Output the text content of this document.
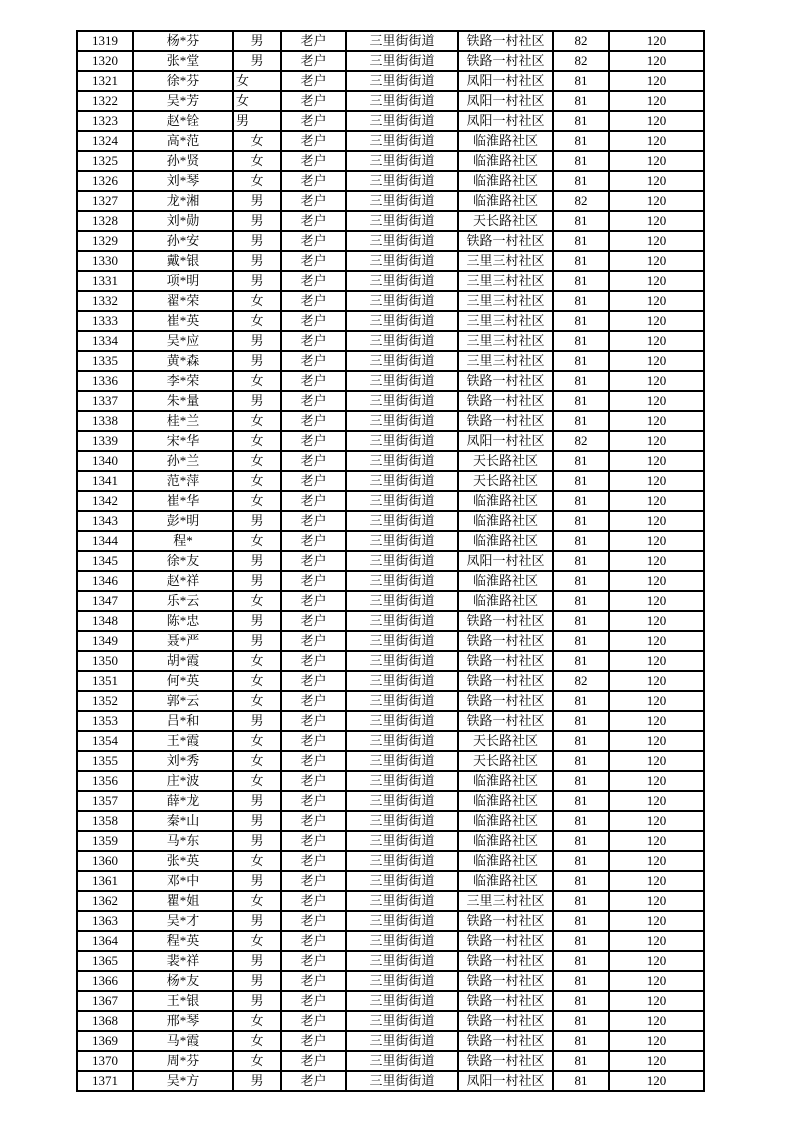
1319	杨*芬	男	老户	三里街街道	铁路一村社区	82	120
1320	张*堂	男	老户	三里街街道	铁路一村社区	82	120
1321	徐*芬	女	老户	三里街街道	凤阳一村社区	81	120
1322	吴*芳	女	老户	三里街街道	凤阳一村社区	81	120
1323	赵*铨	男	老户	三里街街道	凤阳一村社区	81	120
1324	高*范	女	老户	三里街街道	临淮路社区	81	120
1325	孙*贤	女	老户	三里街街道	临淮路社区	81	120
1326	刘*琴	女	老户	三里街街道	临淮路社区	81	120
1327	龙*湘	男	老户	三里街街道	临淮路社区	82	120
1328	刘*勋	男	老户	三里街街道	天长路社区	81	120
1329	孙*安	男	老户	三里街街道	铁路一村社区	81	120
1330	戴*银	男	老户	三里街街道	三里三村社区	81	120
1331	项*明	男	老户	三里街街道	三里三村社区	81	120
1332	翟*荣	女	老户	三里街街道	三里三村社区	81	120
1333	崔*英	女	老户	三里街街道	三里三村社区	81	120
1334	吴*应	男	老户	三里街街道	三里三村社区	81	120
1335	黄*森	男	老户	三里街街道	三里三村社区	81	120
1336	李*荣	女	老户	三里街街道	铁路一村社区	81	120
1337	朱*量	男	老户	三里街街道	铁路一村社区	81	120
1338	桂*兰	女	老户	三里街街道	铁路一村社区	81	120
1339	宋*华	女	老户	三里街街道	凤阳一村社区	82	120
1340	孙*兰	女	老户	三里街街道	天长路社区	81	120
1341	范*萍	女	老户	三里街街道	天长路社区	81	120
1342	崔*华	女	老户	三里街街道	临淮路社区	81	120
1343	彭*明	男	老户	三里街街道	临淮路社区	81	120
1344	程*	女	老户	三里街街道	临淮路社区	81	120
1345	徐*友	男	老户	三里街街道	凤阳一村社区	81	120
1346	赵*祥	男	老户	三里街街道	临淮路社区	81	120
1347	乐*云	女	老户	三里街街道	临淮路社区	81	120
1348	陈*忠	男	老户	三里街街道	铁路一村社区	81	120
1349	聂*严	男	老户	三里街街道	铁路一村社区	81	120
1350	胡*霞	女	老户	三里街街道	铁路一村社区	81	120
1351	何*英	女	老户	三里街街道	铁路一村社区	82	120
1352	郭*云	女	老户	三里街街道	铁路一村社区	81	120
1353	吕*和	男	老户	三里街街道	铁路一村社区	81	120
1354	王*霞	女	老户	三里街街道	天长路社区	81	120
1355	刘*秀	女	老户	三里街街道	天长路社区	81	120
1356	庄*波	女	老户	三里街街道	临淮路社区	81	120
1357	薛*龙	男	老户	三里街街道	临淮路社区	81	120
1358	秦*山	男	老户	三里街街道	临淮路社区	81	120
1359	马*东	男	老户	三里街街道	临淮路社区	81	120
1360	张*英	女	老户	三里街街道	临淮路社区	81	120
1361	邓*中	男	老户	三里街街道	临淮路社区	81	120
1362	瞿*姐	女	老户	三里街街道	三里三村社区	81	120
1363	吴*才	男	老户	三里街街道	铁路一村社区	81	120
1364	程*英	女	老户	三里街街道	铁路一村社区	81	120
1365	裴*祥	男	老户	三里街街道	铁路一村社区	81	120
1366	杨*友	男	老户	三里街街道	铁路一村社区	81	120
1367	王*银	男	老户	三里街街道	铁路一村社区	81	120
1368	邢*琴	女	老户	三里街街道	铁路一村社区	81	120
1369	马*霞	女	老户	三里街街道	铁路一村社区	81	120
1370	周*芬	女	老户	三里街街道	铁路一村社区	81	120
1371	吴*方	男	老户	三里街街道	凤阳一村社区	81	120
